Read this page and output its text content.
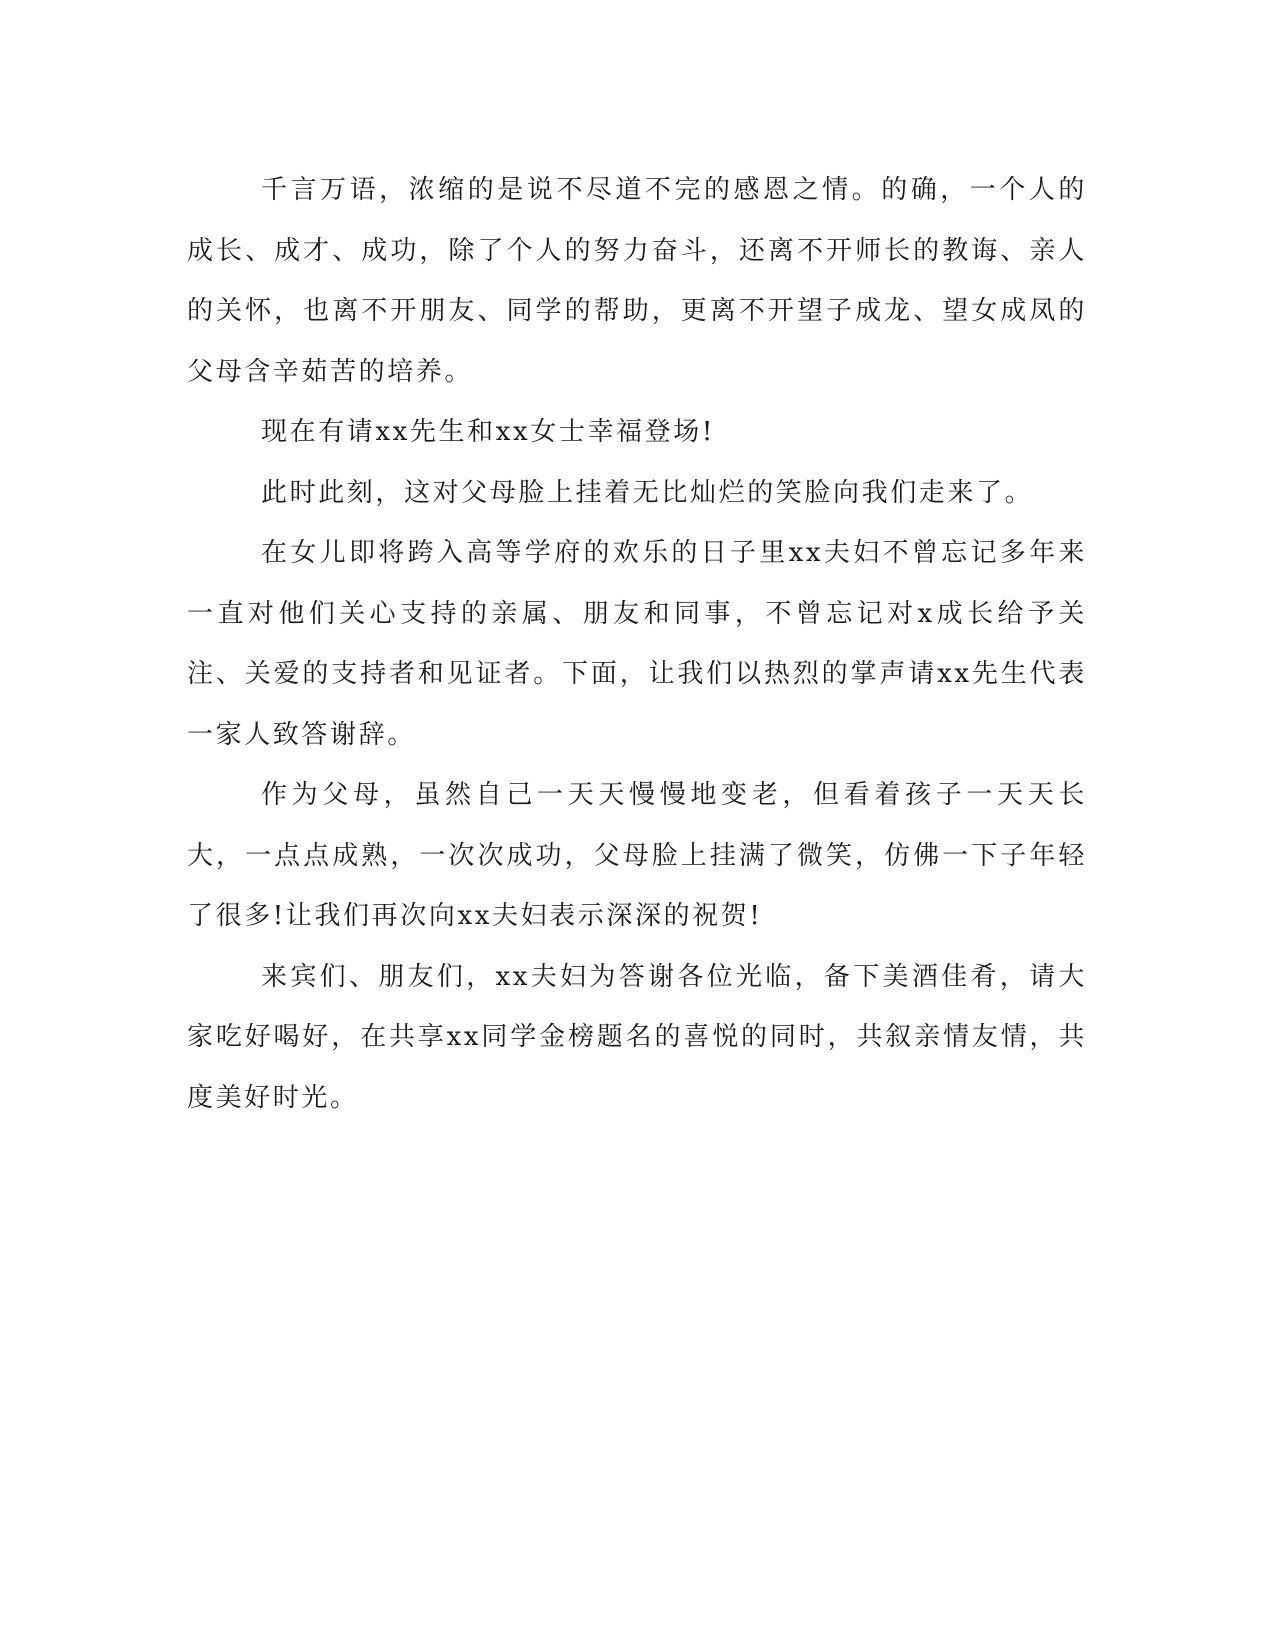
千言万语，浓缩的是说不尽道不完的感恩之情。的确，一个人的成长、成才、成功，除了个人的努力奋斗，还离不开师长的教诲、亲人的关怀，也离不开朋友、同学的帮助，更离不开望子成龙、望女成凤的父母含辛茹苦的培养。

现在有请xx先生和xx女士幸福登场!

此时此刻，这对父母脸上挂着无比灿烂的笑脸向我们走来了。

在女儿即将跨入高等学府的欢乐的日子里xx夫妇不曾忘记多年来一直对他们关心支持的亲属、朋友和同事，不曾忘记对x成长给予关注、关爱的支持者和见证者。下面，让我们以热烈的掌声请xx先生代表一家人致答谢辞。

作为父母，虽然自己一天天慢慢地变老，但看着孩子一天天长大，一点点成熟，一次次成功，父母脸上挂满了微笑，仿佛一下子年轻了很多!让我们再次向xx夫妇表示深深的祝贺!

来宾们、朋友们，xx夫妇为答谢各位光临，备下美酒佳肴，请大家吃好喝好，在共享xx同学金榜题名的喜悦的同时，共叙亲情友情，共度美好时光。
